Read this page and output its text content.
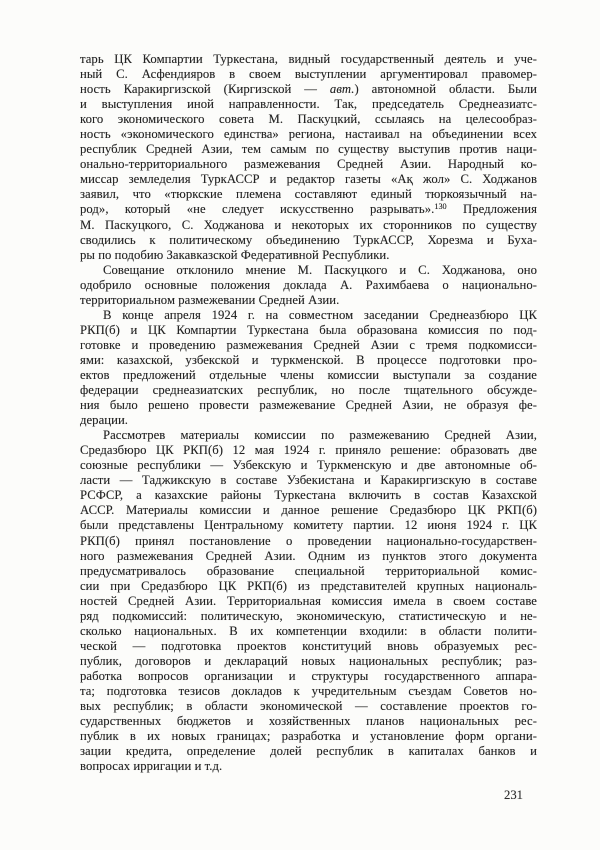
тарь ЦК Компартии Туркестана, видный государственный деятель и уче-
ный С. Асфендияров в своем выступлении аргументировал правомер-
ность Каракиргизской (Киргизской — авт.) автономной области. Были
и выступления иной направленности. Так, председатель Среднеазиатс-
кого экономического совета М. Паскуцкий, ссылаясь на целесообраз-
ность «экономического единства» региона, настаивал на объединении всех
республик Средней Азии, тем самым по существу выступив против наци-
онально-территориального размежевания Средней Азии. Народный ко-
миссар земледелия ТуркАССР и редактор газеты «Ақ жол» С. Ходжанов
заявил, что «тюркские племена составляют единый тюркоязычный на-
род», который «не следует искусственно разрывать».$^{130}$ Предложения
М. Паскуцкого, С. Ходжанова и некоторых их сторонников по существу
сводились к политическому объединению ТуркАССР, Хорезма и Буха-
ры по подобию Закавказской Федеративной Республики.
Совещание отклонило мнение М. Паскуцкого и С. Ходжанова, оно
одобрило основные положения доклада А. Рахимбаева о национально-
территориальном размежевании Средней Азии.
В конце апреля 1924 г. на совместном заседании Среднеазбюро ЦК
РКП(б) и ЦК Компартии Туркестана была образована комиссия по под-
готовке и проведению размежевания Средней Азии с тремя подкомисси-
ями: казахской, узбекской и туркменской. В процессе подготовки про-
ектов предложений отдельные члены комиссии выступали за создание
федерации среднеазиатских республик, но после тщательного обсужде-
ния было решено провести размежевание Средней Азии, не образуя фе-
дерации.
Рассмотрев материалы комиссии по размежеванию Средней Азии,
Средазбюро ЦК РКП(б) 12 мая 1924 г. приняло решение: образовать две
союзные республики — Узбекскую и Туркменскую и две автономные об-
ласти — Таджикскую в составе Узбекистана и Каракиргизскую в составе
РСФСР, а казахские районы Туркестана включить в состав Казахской
АССР. Материалы комиссии и данное решение Средазбюро ЦК РКП(б)
были представлены Центральному комитету партии. 12 июня 1924 г. ЦК
РКП(б) принял постановление о проведении национально-государствен-
ного размежевания Средней Азии. Одним из пунктов этого документа
предусматривалось образование специальной территориальной комис-
сии при Средазбюро ЦК РКП(б) из представителей крупных националь-
ностей Средней Азии. Территориальная комиссия имела в своем составе
ряд подкомиссий: политическую, экономическую, статистическую и не-
сколько национальных. В их компетенции входили: в области полити-
ческой — подготовка проектов конституций вновь образуемых рес-
публик, договоров и деклараций новых национальных республик; раз-
работка вопросов организации и структуры государственного аппара-
та; подготовка тезисов докладов к учредительным съездам Советов но-
вых республик; в области экономической — составление проектов го-
сударственных бюджетов и хозяйственных планов национальных рес-
публик в их новых границах; разработка и установление форм органи-
зации кредита, определение долей республик в капиталах банков и
вопросах ирригации и т.д.
231
